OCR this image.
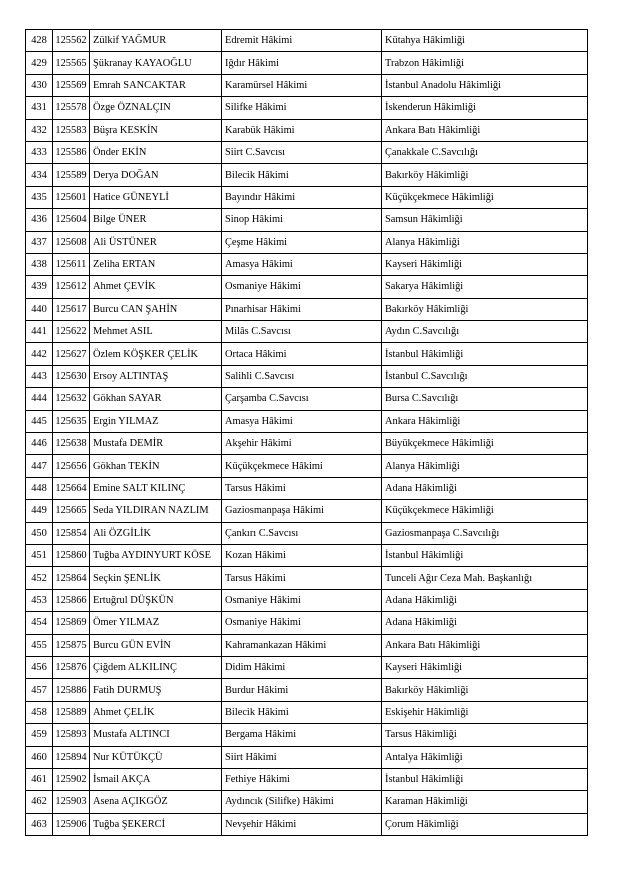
428	125562	Zülkif YAĞMUR	Edremit Hâkimi	Kütahya Hâkimliği
429	125565	Şükranay KAYAOĞLU	Iğdır Hâkimi	Trabzon Hâkimliği
430	125569	Emrah SANCAKTAR	Karamürsel Hâkimi	İstanbul Anadolu Hâkimliği
431	125578	Özge ÖZNALÇIN	Silifke Hâkimi	İskenderun Hâkimliği
432	125583	Büşra KESKİN	Karabük Hâkimi	Ankara Batı Hâkimliği
433	125586	Önder EKİN	Siirt C.Savcısı	Çanakkale C.Savcılığı
434	125589	Derya DOĞAN	Bilecik Hâkimi	Bakırköy Hâkimliği
435	125601	Hatice GÜNEYLİ	Bayındır Hâkimi	Küçükçekmece Hâkimliği
436	125604	Bilge ÜNER	Sinop Hâkimi	Samsun Hâkimliği
437	125608	Ali ÜSTÜNER	Çeşme Hâkimi	Alanya Hâkimliği
438	125611	Zeliha ERTAN	Amasya Hâkimi	Kayseri Hâkimliği
439	125612	Ahmet ÇEVİK	Osmaniye Hâkimi	Sakarya Hâkimliği
440	125617	Burcu CAN ŞAHİN	Pınarhisar Hâkimi	Bakırköy Hâkimliği
441	125622	Mehmet ASIL	Milâs C.Savcısı	Aydın C.Savcılığı
442	125627	Özlem KÖŞKER ÇELİK	Ortaca Hâkimi	İstanbul Hâkimliği
443	125630	Ersoy ALTINTAŞ	Salihli C.Savcısı	İstanbul C.Savcılığı
444	125632	Gökhan SAYAR	Çarşamba C.Savcısı	Bursa C.Savcılığı
445	125635	Ergin YILMAZ	Amasya Hâkimi	Ankara Hâkimliği
446	125638	Mustafa DEMİR	Akşehir Hâkimi	Büyükçekmece Hâkimliği
447	125656	Gökhan TEKİN	Küçükçekmece Hâkimi	Alanya Hâkimliği
448	125664	Emine SALT KILINÇ	Tarsus Hâkimi	Adana Hâkimliği
449	125665	Seda YILDIRAN NAZLIM	Gaziosmanpaşa Hâkimi	Küçükçekmece Hâkimliği
450	125854	Ali ÖZGİLİK	Çankırı C.Savcısı	Gaziosmanpaşa C.Savcılığı
451	125860	Tuğba AYDINYURT KÖSE	Kozan Hâkimi	İstanbul Hâkimliği
452	125864	Seçkin ŞENLİK	Tarsus Hâkimi	Tunceli Ağır Ceza Mah. Başkanlığı
453	125866	Ertuğrul DÜŞKÜN	Osmaniye Hâkimi	Adana Hâkimliği
454	125869	Ömer YILMAZ	Osmaniye Hâkimi	Adana Hâkimliği
455	125875	Burcu GÜN EVİN	Kahramankazan Hâkimi	Ankara Batı Hâkimliği
456	125876	Çiğdem ALKILINÇ	Didim Hâkimi	Kayseri Hâkimliği
457	125886	Fatih DURMUŞ	Burdur Hâkimi	Bakırköy Hâkimliği
458	125889	Ahmet ÇELİK	Bilecik Hâkimi	Eskişehir Hâkimliği
459	125893	Mustafa ALTINCI	Bergama Hâkimi	Tarsus Hâkimliği
460	125894	Nur KÜTÜKÇÜ	Siirt Hâkimi	Antalya Hâkimliği
461	125902	İsmail AKÇA	Fethiye Hâkimi	İstanbul Hâkimliği
462	125903	Asena AÇIKGÖZ	Aydıncık (Silifke) Hâkimi	Karaman Hâkimliği
463	125906	Tuğba ŞEKERCİ	Nevşehir Hâkimi	Çorum Hâkimliği
